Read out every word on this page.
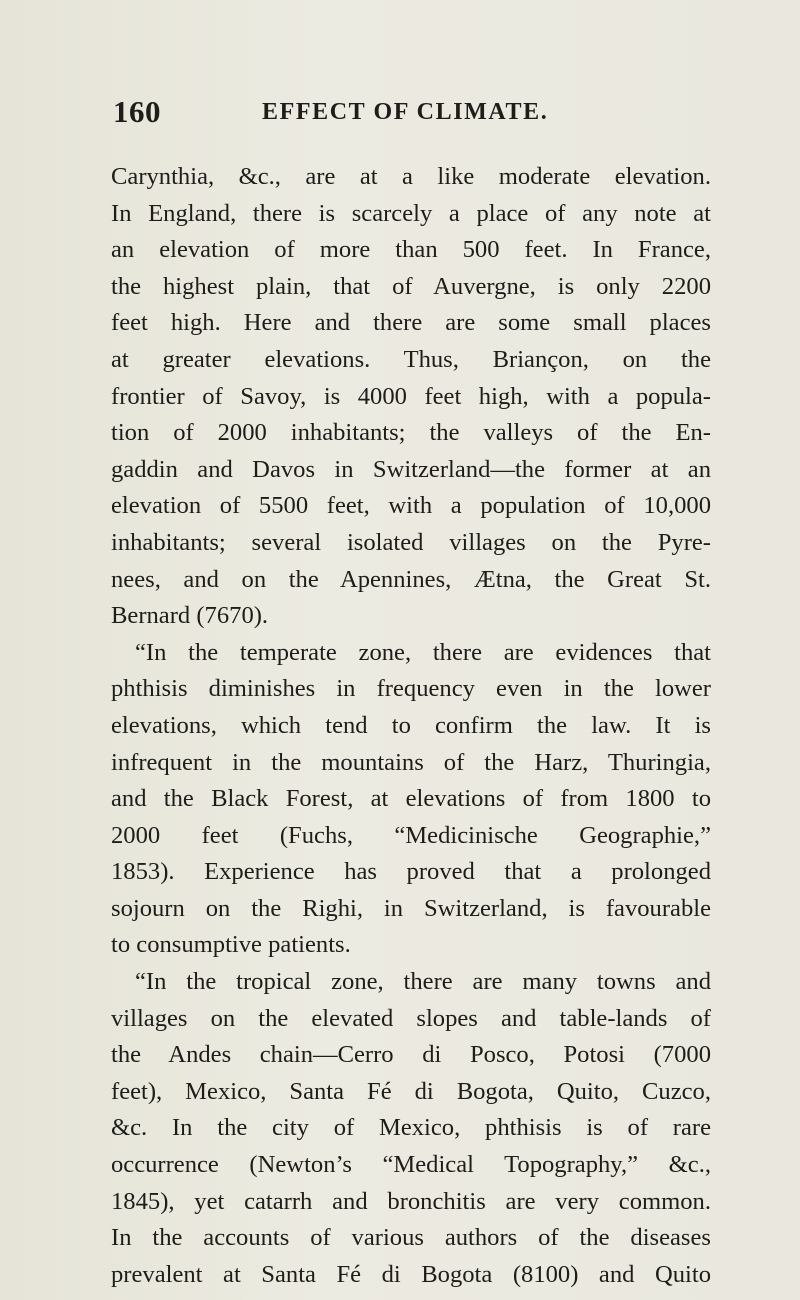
160	EFFECT OF CLIMATE.
Carynthia, &c., are at a like moderate elevation.
In England, there is scarcely a place of any note at
an elevation of more than 500 feet. In France,
the highest plain, that of Auvergne, is only 2200
feet high. Here and there are some small places
at greater elevations. Thus, Briançon, on the
frontier of Savoy, is 4000 feet high, with a popula-
tion of 2000 inhabitants; the valleys of the En-
gaddin and Davos in Switzerland—the former at an
elevation of 5500 feet, with a population of 10,000
inhabitants; several isolated villages on the Pyre-
nees, and on the Apennines, Ætna, the Great St.
Bernard (7670).
“In the temperate zone, there are evidences that
phthisis diminishes in frequency even in the lower
elevations, which tend to confirm the law. It is
infrequent in the mountains of the Harz, Thuringia,
and the Black Forest, at elevations of from 1800 to
2000 feet (Fuchs, “Medicinische Geographie,”
1853). Experience has proved that a prolonged
sojourn on the Righi, in Switzerland, is favourable
to consumptive patients.
“In the tropical zone, there are many towns and
villages on the elevated slopes and table-lands of
the Andes chain—Cerro di Posco, Potosi (7000
feet), Mexico, Santa Fé di Bogota, Quito, Cuzco,
&c. In the city of Mexico, phthisis is of rare
occurrence (Newton’s “Medical Topography,” &c.,
1845), yet catarrh and bronchitis are very common.
In the accounts of various authors of the diseases
prevalent at Santa Fé di Bogota (8100) and Quito
